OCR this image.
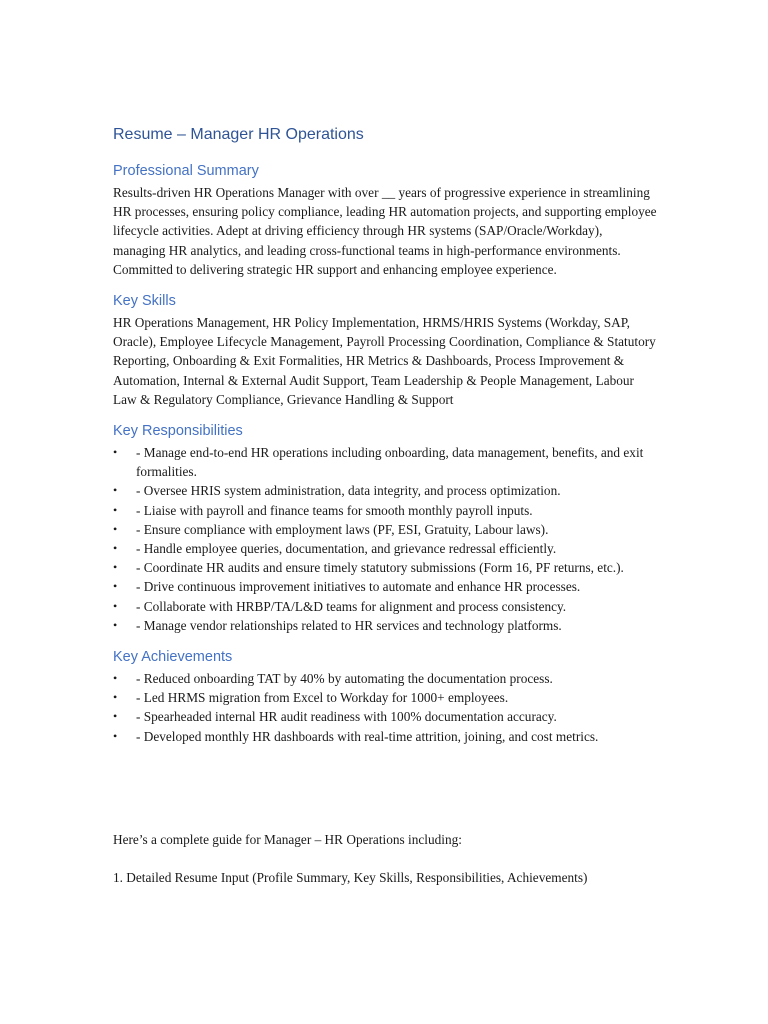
Resume – Manager HR Operations
Professional Summary

Results-driven HR Operations Manager with over __ years of progressive experience in streamlining HR processes, ensuring policy compliance, leading HR automation projects, and supporting employee lifecycle activities. Adept at driving efficiency through HR systems (SAP/Oracle/Workday), managing HR analytics, and leading cross-functional teams in high-performance environments. Committed to delivering strategic HR support and enhancing employee experience.

Key Skills

HR Operations Management, HR Policy Implementation, HRMS/HRIS Systems (Workday, SAP, Oracle), Employee Lifecycle Management, Payroll Processing Coordination, Compliance & Statutory Reporting, Onboarding & Exit Formalities, HR Metrics & Dashboards, Process Improvement & Automation, Internal & External Audit Support, Team Leadership & People Management, Labour Law & Regulatory Compliance, Grievance Handling & Support

Key Responsibilities
• - Manage end-to-end HR operations including onboarding, data management, benefits, and exit formalities.
• - Oversee HRIS system administration, data integrity, and process optimization.
• - Liaise with payroll and finance teams for smooth monthly payroll inputs.
• - Ensure compliance with employment laws (PF, ESI, Gratuity, Labour laws).
• - Handle employee queries, documentation, and grievance redressal efficiently.
• - Coordinate HR audits and ensure timely statutory submissions (Form 16, PF returns, etc.).
• - Drive continuous improvement initiatives to automate and enhance HR processes.
• - Collaborate with HRBP/TA/L&D teams for alignment and process consistency.
• - Manage vendor relationships related to HR services and technology platforms.
Key Achievements
• - Reduced onboarding TAT by 40% by automating the documentation process.
• - Led HRMS migration from Excel to Workday for 1000+ employees.
• - Spearheaded internal HR audit readiness with 100% documentation accuracy.
• - Developed monthly HR dashboards with real-time attrition, joining, and cost metrics.

Here’s a complete guide for Manager – HR Operations including:

1. Detailed Resume Input (Profile Summary, Key Skills, Responsibilities, Achievements)
